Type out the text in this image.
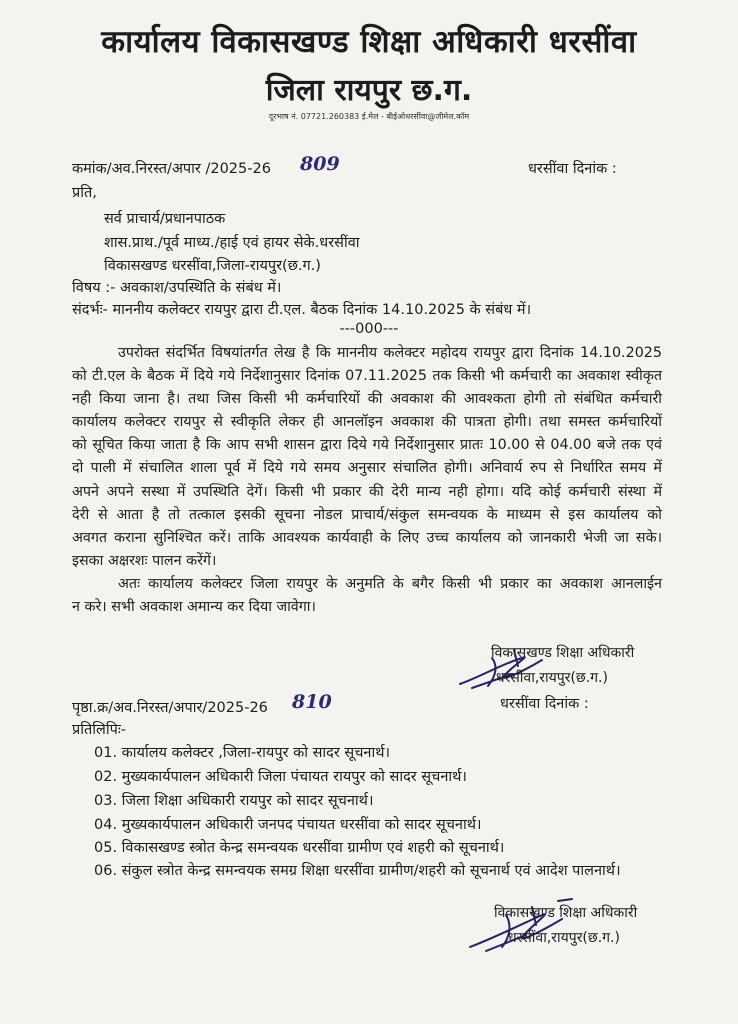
कार्यालय विकासखण्ड शिक्षा अधिकारी धरसींवा
जिला रायपुर छ.ग.
दूरभाष नं. 07721.260383 ई.मेल - बीईओधरसींवा@जीमेल.कॉम
कमांक/अव.निरस्त/अपार /2025-26 809	धरसींवा दिनांक :
प्रति,
सर्व प्राचार्य/प्रधानपाठक
शास.प्राथ./पूर्व माध्य./हाई एवं हायर सेके.धरसींवा
विकासखण्ड धरसींवा,जिला-रायपुर(छ.ग.)
विषय :- अवकाश/उपस्थिति के संबंध में।
संदर्भः- माननीय कलेक्टर रायपुर द्वारा टी.एल. बैठक दिनांक 14.10.2025 के संबंध में।
---000---
उपरोक्त संदर्भित विषयांतर्गत लेख है कि माननीय कलेक्टर महोदय रायपुर द्वारा दिनांक 14.10.2025
को टी.एल के बैठक में दिये गये निर्देशानुसार दिनांक 07.11.2025 तक किसी भी कर्मचारी का अवकाश स्वीकृत
नही किया जाना है। तथा जिस किसी भी कर्मचारियों की अवकाश की आवश्कता होगी तो संबंधित कर्मचारी
कार्यालय कलेक्टर रायपुर से स्वीकृति लेकर ही आनलॉइन अवकाश की पात्रता होगी। तथा समस्त कर्मचारियों
को सूचित किया जाता है कि आप सभी शासन द्वारा दिये गये निर्देशानुसार प्रातः 10.00 से 04.00 बजे तक एवं
दो पाली में संचालित शाला पूर्व में दिये गये समय अनुसार संचालित होगी। अनिवार्य रुप से निर्धारित समय में
अपने अपने सस्था में उपस्थिति देगें। किसी भी प्रकार की देरी मान्य नही होगा। यदि कोई कर्मचारी संस्था में
देरी से आता है तो तत्काल इसकी सूचना नोडल प्राचार्य/संकुल समन्वयक के माध्यम से इस कार्यालय को
अवगत कराना सुनिश्चित करें। ताकि आवश्यक कार्यवाही के लिए उच्च कार्यालय को जानकारी भेजी जा सके।
इसका अक्षरशः पालन करेंगें।
अतः कार्यालय कलेक्टर जिला रायपुर के अनुमति के बगैर किसी भी प्रकार का अवकाश आनलाईन
न करे। सभी अवकाश अमान्य कर दिया जावेगा।
विकासखण्ड शिक्षा अधिकारी
धरसींवा,रायपुर(छ.ग.)
पृष्ठा.क्र/अव.निरस्त/अपार/2025-26 810	धरसींवा दिनांक :
प्रतिलिपिः-
01. कार्यालय कलेक्टर ,जिला-रायपुर को सादर सूचनार्थ।
02. मुख्यकार्यपालन अधिकारी जिला पंचायत रायपुर को सादर सूचनार्थ।
03. जिला शिक्षा अधिकारी रायपुर को सादर सूचनार्थ।
04. मुख्यकार्यपालन अधिकारी जनपद पंचायत धरसींवा को सादर सूचनार्थ।
05. विकासखण्ड स्त्रोत केन्द्र समन्वयक धरसींवा ग्रामीण एवं शहरी को सूचनार्थ।
06. संकुल स्त्रोत केन्द्र समन्वयक समग्र शिक्षा धरसींवा ग्रामीण/शहरी को सूचनार्थ एवं आदेश पालनार्थ।
विकासखण्ड शिक्षा अधिकारी
धरसींवा,रायपुर(छ.ग.)
